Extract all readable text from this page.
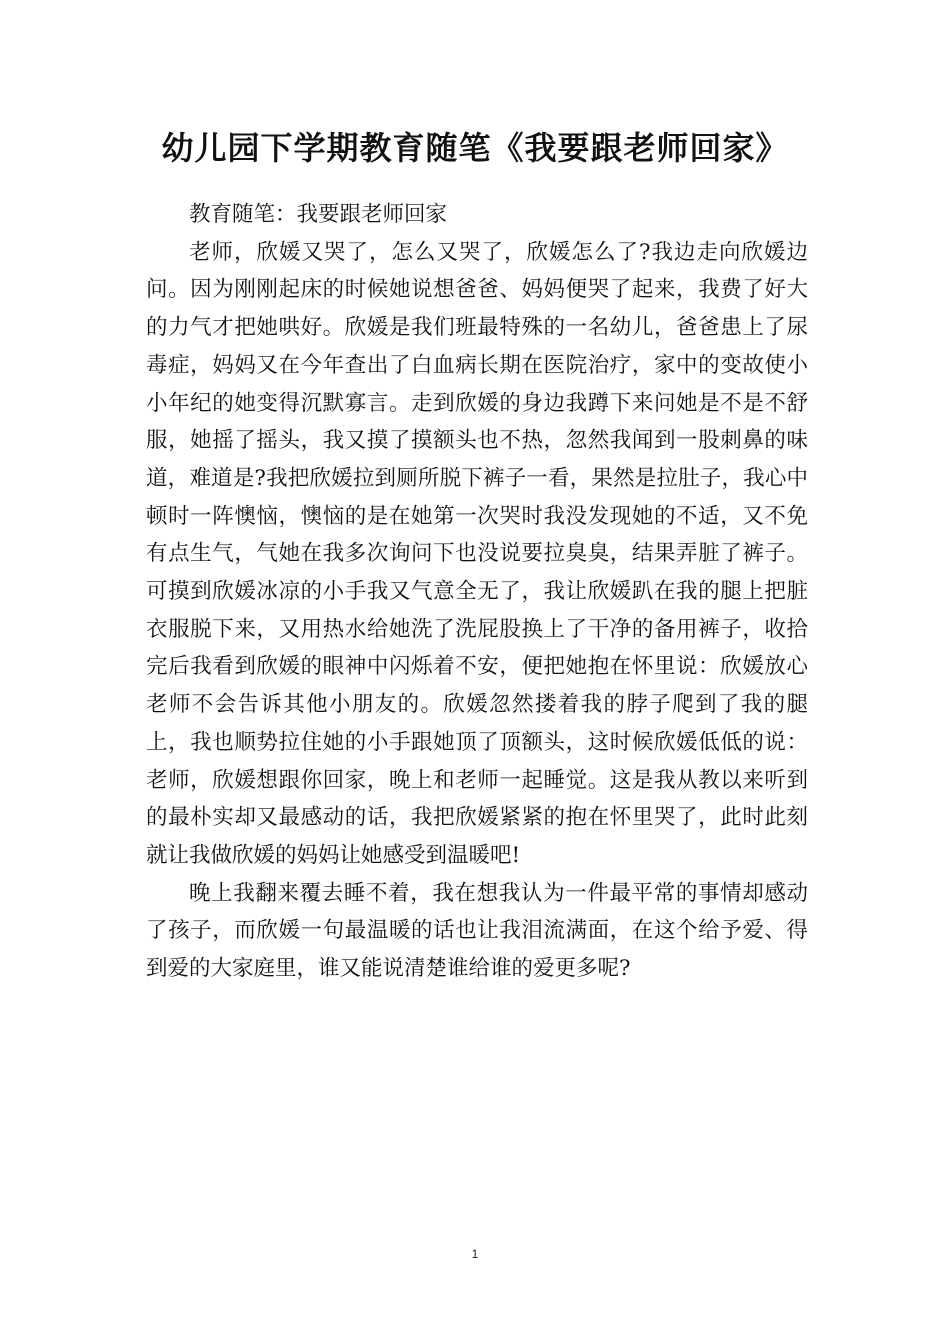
幼儿园下学期教育随笔《我要跟老师回家》

教育随笔：我要跟老师回家

老师，欣媛又哭了，怎么又哭了，欣媛怎么了?我边走向欣媛边问。因为刚刚起床的时候她说想爸爸、妈妈便哭了起来，我费了好大的力气才把她哄好。欣媛是我们班最特殊的一名幼儿，爸爸患上了尿毒症，妈妈又在今年查出了白血病长期在医院治疗，家中的变故使小小年纪的她变得沉默寡言。走到欣媛的身边我蹲下来问她是不是不舒服，她摇了摇头，我又摸了摸额头也不热，忽然我闻到一股刺鼻的味道，难道是?我把欣媛拉到厕所脱下裤子一看，果然是拉肚子，我心中顿时一阵懊恼，懊恼的是在她第一次哭时我没发现她的不适，又不免有点生气，气她在我多次询问下也没说要拉臭臭，结果弄脏了裤子。可摸到欣媛冰凉的小手我又气意全无了，我让欣媛趴在我的腿上把脏衣服脱下来，又用热水给她洗了洗屁股换上了干净的备用裤子，收拾完后我看到欣媛的眼神中闪烁着不安，便把她抱在怀里说：欣媛放心老师不会告诉其他小朋友的。欣媛忽然搂着我的脖子爬到了我的腿上，我也顺势拉住她的小手跟她顶了顶额头，这时候欣媛低低的说：老师，欣媛想跟你回家，晚上和老师一起睡觉。这是我从教以来听到的最朴实却又最感动的话，我把欣媛紧紧的抱在怀里哭了，此时此刻就让我做欣媛的妈妈让她感受到温暖吧!

晚上我翻来覆去睡不着，我在想我认为一件最平常的事情却感动了孩子，而欣媛一句最温暖的话也让我泪流满面，在这个给予爱、得到爱的大家庭里，谁又能说清楚谁给谁的爱更多呢?

1
